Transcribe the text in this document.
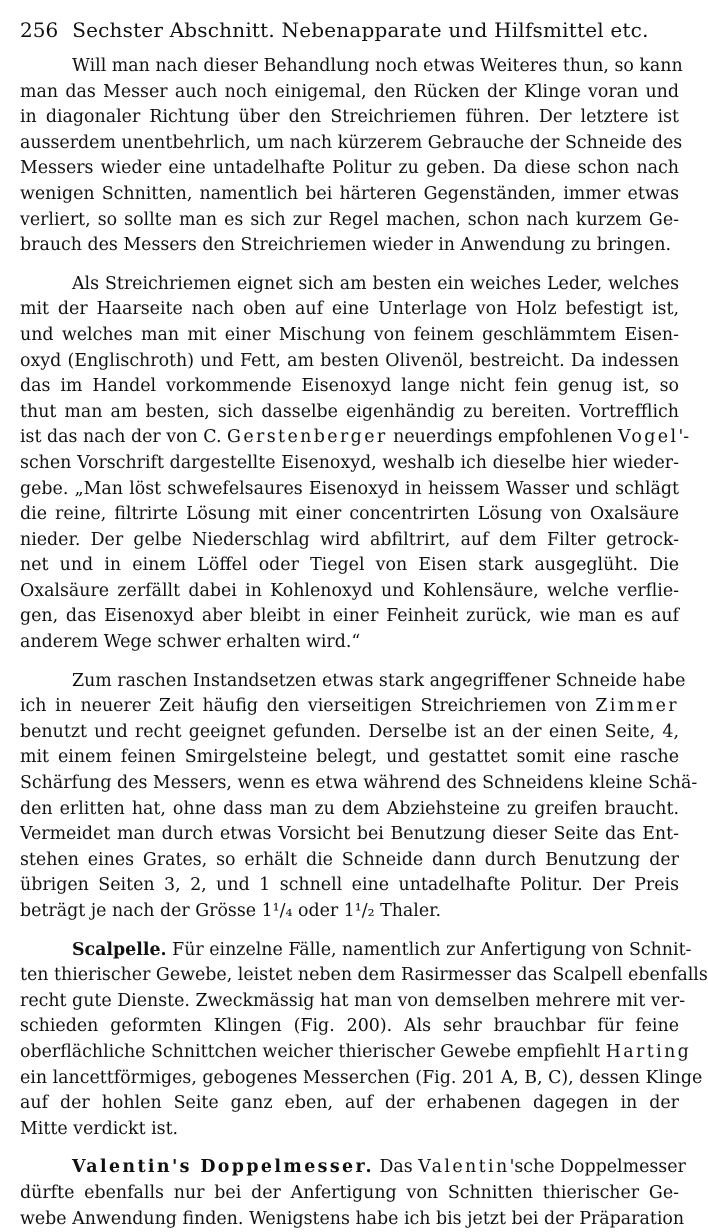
256 Sechster Abschnitt. Nebenapparate und Hilfsmittel etc.
Will man nach dieser Behandlung noch etwas Weiteres thun, so kann
man das Messer auch noch einigemal, den Rücken der Klinge voran und
in diagonaler Richtung über den Streichriemen führen. Der letztere ist
ausserdem unentbehrlich, um nach kürzerem Gebrauche der Schneide des
Messers wieder eine untadelhafte Politur zu geben. Da diese schon nach
wenigen Schnitten, namentlich bei härteren Gegenständen, immer etwas
verliert, so sollte man es sich zur Regel machen, schon nach kurzem Ge-
brauch des Messers den Streichriemen wieder in Anwendung zu bringen.
Als Streichriemen eignet sich am besten ein weiches Leder, welches
mit der Haarseite nach oben auf eine Unterlage von Holz befestigt ist,
und welches man mit einer Mischung von feinem geschlämmtem Eisen-
oxyd (Englischroth) und Fett, am besten Olivenöl, bestreicht. Da indessen
das im Handel vorkommende Eisenoxyd lange nicht fein genug ist, so
thut man am besten, sich dasselbe eigenhändig zu bereiten. Vortrefflich
ist das nach der von C. Gerstenberger neuerdings empfohlenen Vogel'-
schen Vorschrift dargestellte Eisenoxyd, weshalb ich dieselbe hier wieder-
gebe. „Man löst schwefelsaures Eisenoxyd in heissem Wasser und schlägt
die reine, filtrirte Lösung mit einer concentrirten Lösung von Oxalsäure
nieder. Der gelbe Niederschlag wird abfiltrirt, auf dem Filter getrock-
net und in einem Löffel oder Tiegel von Eisen stark ausgeglüht. Die
Oxalsäure zerfällt dabei in Kohlenoxyd und Kohlensäure, welche verflie-
gen, das Eisenoxyd aber bleibt in einer Feinheit zurück, wie man es auf
anderem Wege schwer erhalten wird.“
Zum raschen Instandsetzen etwas stark angegriffener Schneide habe
ich in neuerer Zeit häufig den vierseitigen Streichriemen von Zimmer
benutzt und recht geeignet gefunden. Derselbe ist an der einen Seite, 4,
mit einem feinen Smirgelsteine belegt, und gestattet somit eine rasche
Schärfung des Messers, wenn es etwa während des Schneidens kleine Schä-
den erlitten hat, ohne dass man zu dem Abziehsteine zu greifen braucht.
Vermeidet man durch etwas Vorsicht bei Benutzung dieser Seite das Ent-
stehen eines Grates, so erhält die Schneide dann durch Benutzung der
übrigen Seiten 3, 2, und 1 schnell eine untadelhafte Politur. Der Preis
beträgt je nach der Grösse 1¹/₄ oder 1¹/₂ Thaler.
Scalpelle. Für einzelne Fälle, namentlich zur Anfertigung von Schnit-
ten thierischer Gewebe, leistet neben dem Rasirmesser das Scalpell ebenfalls
recht gute Dienste. Zweckmässig hat man von demselben mehrere mit ver-
schieden geformten Klingen (Fig. 200). Als sehr brauchbar für feine
oberflächliche Schnittchen weicher thierischer Gewebe empfiehlt Harting
ein lancettförmiges, gebogenes Messerchen (Fig. 201 A, B, C), dessen Klinge
auf der hohlen Seite ganz eben, auf der erhabenen dagegen in der
Mitte verdickt ist.
Valentin's Doppelmesser. Das Valentin'sche Doppelmesser
dürfte ebenfalls nur bei der Anfertigung von Schnitten thierischer Ge-
webe Anwendung finden. Wenigstens habe ich bis jetzt bei der Präparation
